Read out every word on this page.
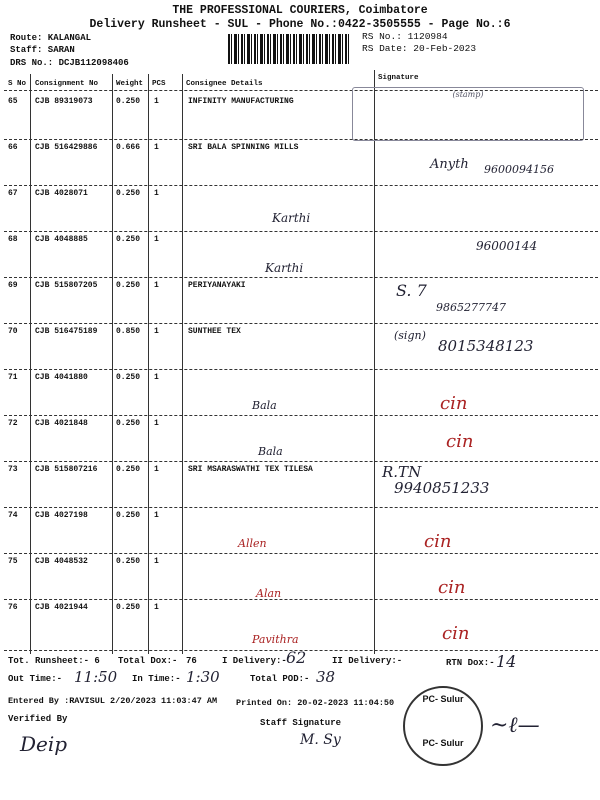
THE PROFESSIONAL COURIERS, Coimbatore
Delivery Runsheet - SUL - Phone No.:0422-3505555 - Page No.:6
Route: KALANGAL
Staff: SARAN
DRS No.: DCJB112098406
RS No.: 1120984
RS Date: 20-Feb-2023
S No Consignment No Weight PCS	Consignee Details
Signature
65 CJB 89319073	0.250 1	INFINITY MANUFACTURING
(stamp)
66 CJB 516429886 0.666 1	SRI BALA SPINNING MILLS
Anyth 9600094156
67 CJB 4028071	0.250 1
Karthi
68 CJB 4048885	0.250 1
Karthi
96000144
69 CJB 515807205 0.250 1	PERIYANAYAKI	S. 7
9865277747
70 CJB 516475189 0.850 1	SUNTHEE TEX	(sign)
8015348123
71 CJB 4041880	0.250 1
Bala	cin
72 CJB 4021848	0.250 1
Bala	cin
73 CJB 515807216 0.250 1	SRI MSARASWATHI TEX TILESA	R.TN
9940851233
74 CJB 4027198	0.250 1
Allen	cin
75 CJB 4048532	0.250 1
Alan	cin
76 CJB 4021944	0.250 1
Pavithra	cin
Tot. Runsheet:- 6 Total Dox:- 76	I Delivery:- 62	II Delivery:-	RTN Dox:- 14
Out Time:- 11:50 In Time:- 1:30	Total POD:- 38
Entered By :RAVISUL 2/20/2023 11:03:47 AM Printed On: 20-02-2023 11:04:50
Verified By
Deip
Staff Signature
M. Sy
PC- Sulur
PC- Sulur
~ℓ—
